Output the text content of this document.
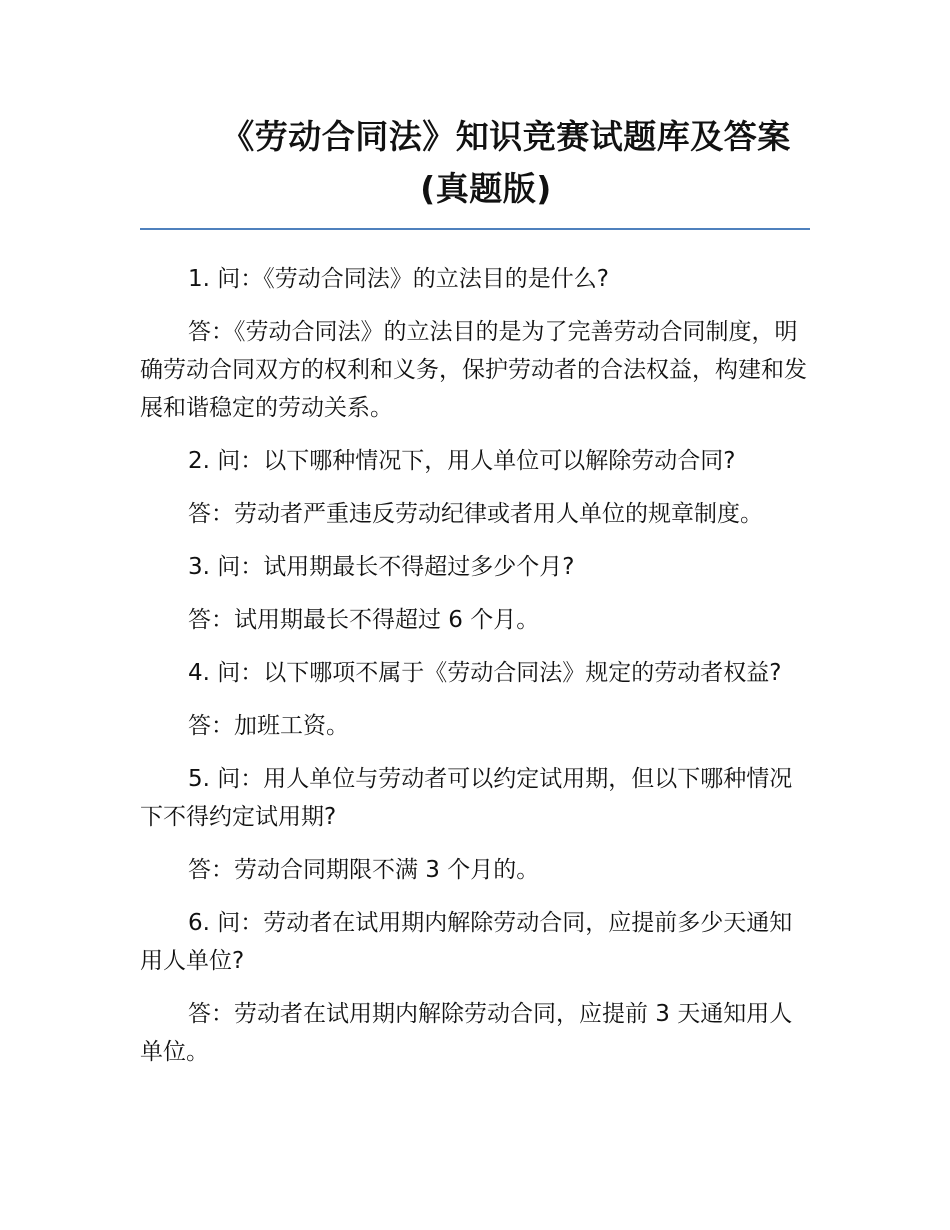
《劳动合同法》知识竞赛试题库及答案
(真题版)

1. 问：《劳动合同法》的立法目的是什么?

答：《劳动合同法》的立法目的是为了完善劳动合同制度，明确劳动合同双方的权利和义务，保护劳动者的合法权益，构建和发展和谐稳定的劳动关系。

2. 问：以下哪种情况下，用人单位可以解除劳动合同?

答：劳动者严重违反劳动纪律或者用人单位的规章制度。

3. 问：试用期最长不得超过多少个月?

答：试用期最长不得超过 6 个月。

4. 问：以下哪项不属于《劳动合同法》规定的劳动者权益?

答：加班工资。

5. 问：用人单位与劳动者可以约定试用期，但以下哪种情况下不得约定试用期?

答：劳动合同期限不满 3 个月的。

6. 问：劳动者在试用期内解除劳动合同，应提前多少天通知用人单位?

答：劳动者在试用期内解除劳动合同，应提前 3 天通知用人单位。
